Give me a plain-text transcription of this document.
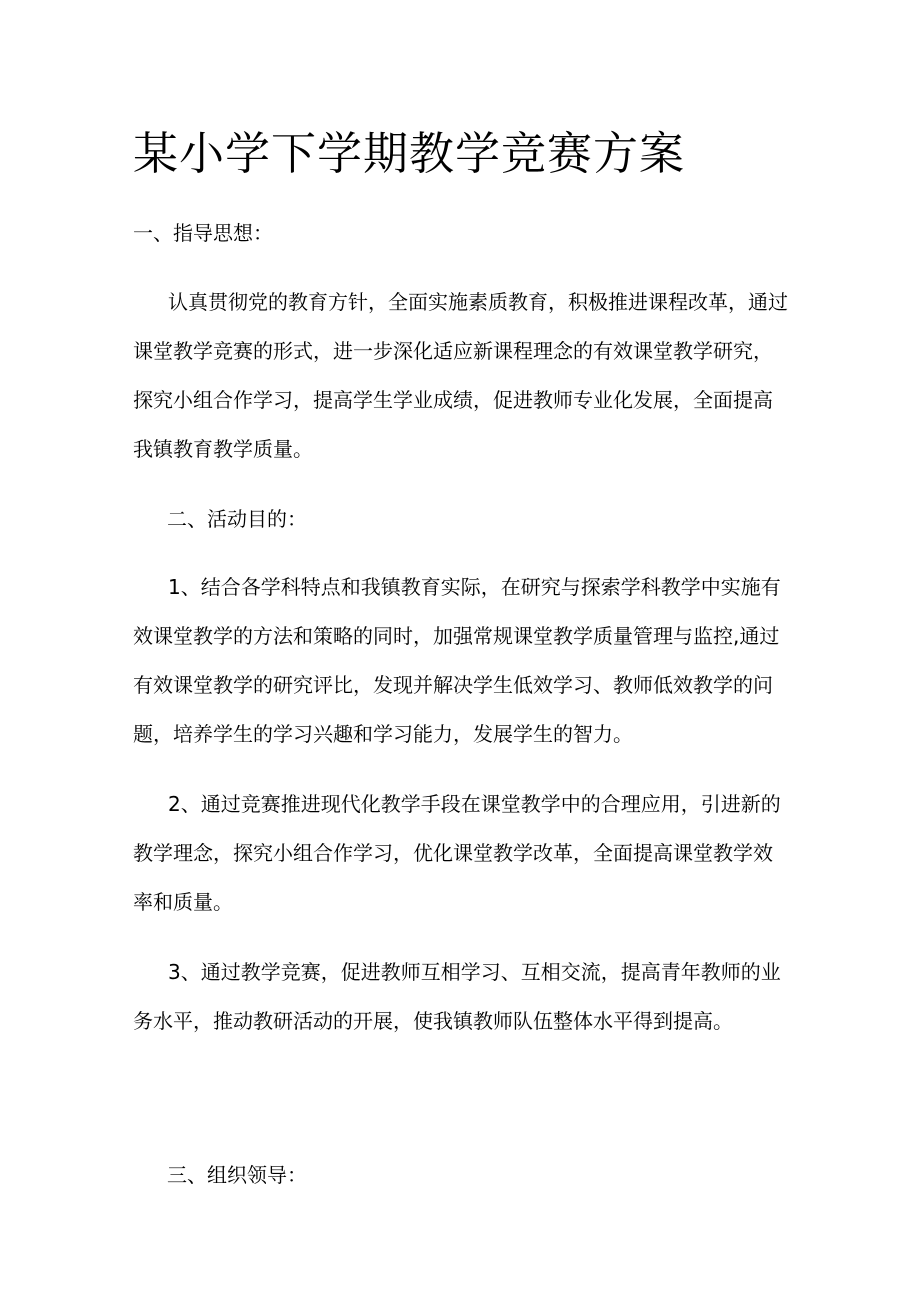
某小学下学期教学竞赛方案
一、指导思想：
认真贯彻党的教育方针，全面实施素质教育，积极推进课程改革，通过
课堂教学竞赛的形式，进一步深化适应新课程理念的有效课堂教学研究，
探究小组合作学习，提高学生学业成绩，促进教师专业化发展，全面提高
我镇教育教学质量。
二、活动目的：
1、结合各学科特点和我镇教育实际，在研究与探索学科教学中实施有
效课堂教学的方法和策略的同时，加强常规课堂教学质量管理与监控,通过
有效课堂教学的研究评比，发现并解决学生低效学习、教师低效教学的问
题，培养学生的学习兴趣和学习能力，发展学生的智力。
2、通过竞赛推进现代化教学手段在课堂教学中的合理应用，引进新的
教学理念，探究小组合作学习，优化课堂教学改革，全面提高课堂教学效
率和质量。
3、通过教学竞赛，促进教师互相学习、互相交流，提高青年教师的业
务水平，推动教研活动的开展，使我镇教师队伍整体水平得到提高。
三、组织领导：
